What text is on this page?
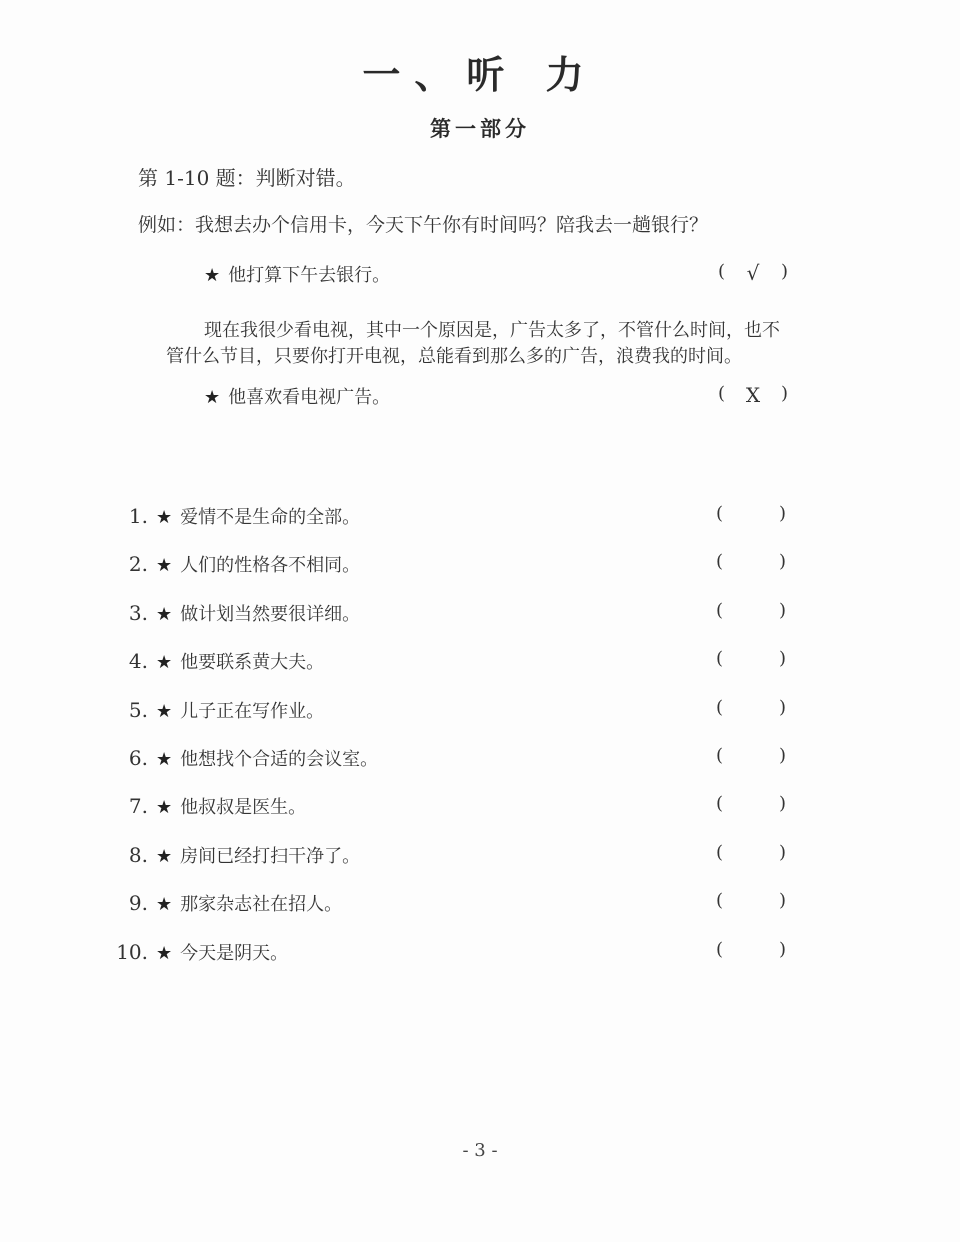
一、听 力
第一部分
第 1-10 题：判断对错。
例如：我想去办个信用卡，今天下午你有时间吗？陪我去一趟银行？
★ 他打算下午去银行。	( √ )
现在我很少看电视，其中一个原因是，广告太多了，不管什么时间，也不管什么节目，只要你打开电视，总能看到那么多的广告，浪费我的时间。
★ 他喜欢看电视广告。	( X )
1. ★ 爱情不是生命的全部。	(	)
2. ★ 人们的性格各不相同。	(	)
3. ★ 做计划当然要很详细。	(	)
4. ★ 他要联系黄大夫。	(	)
5. ★ 儿子正在写作业。	(	)
6. ★ 他想找个合适的会议室。	(	)
7. ★ 他叔叔是医生。	(	)
8. ★ 房间已经打扫干净了。	(	)
9. ★ 那家杂志社在招人。	(	)
10. ★ 今天是阴天。	(	)
- 3 -
